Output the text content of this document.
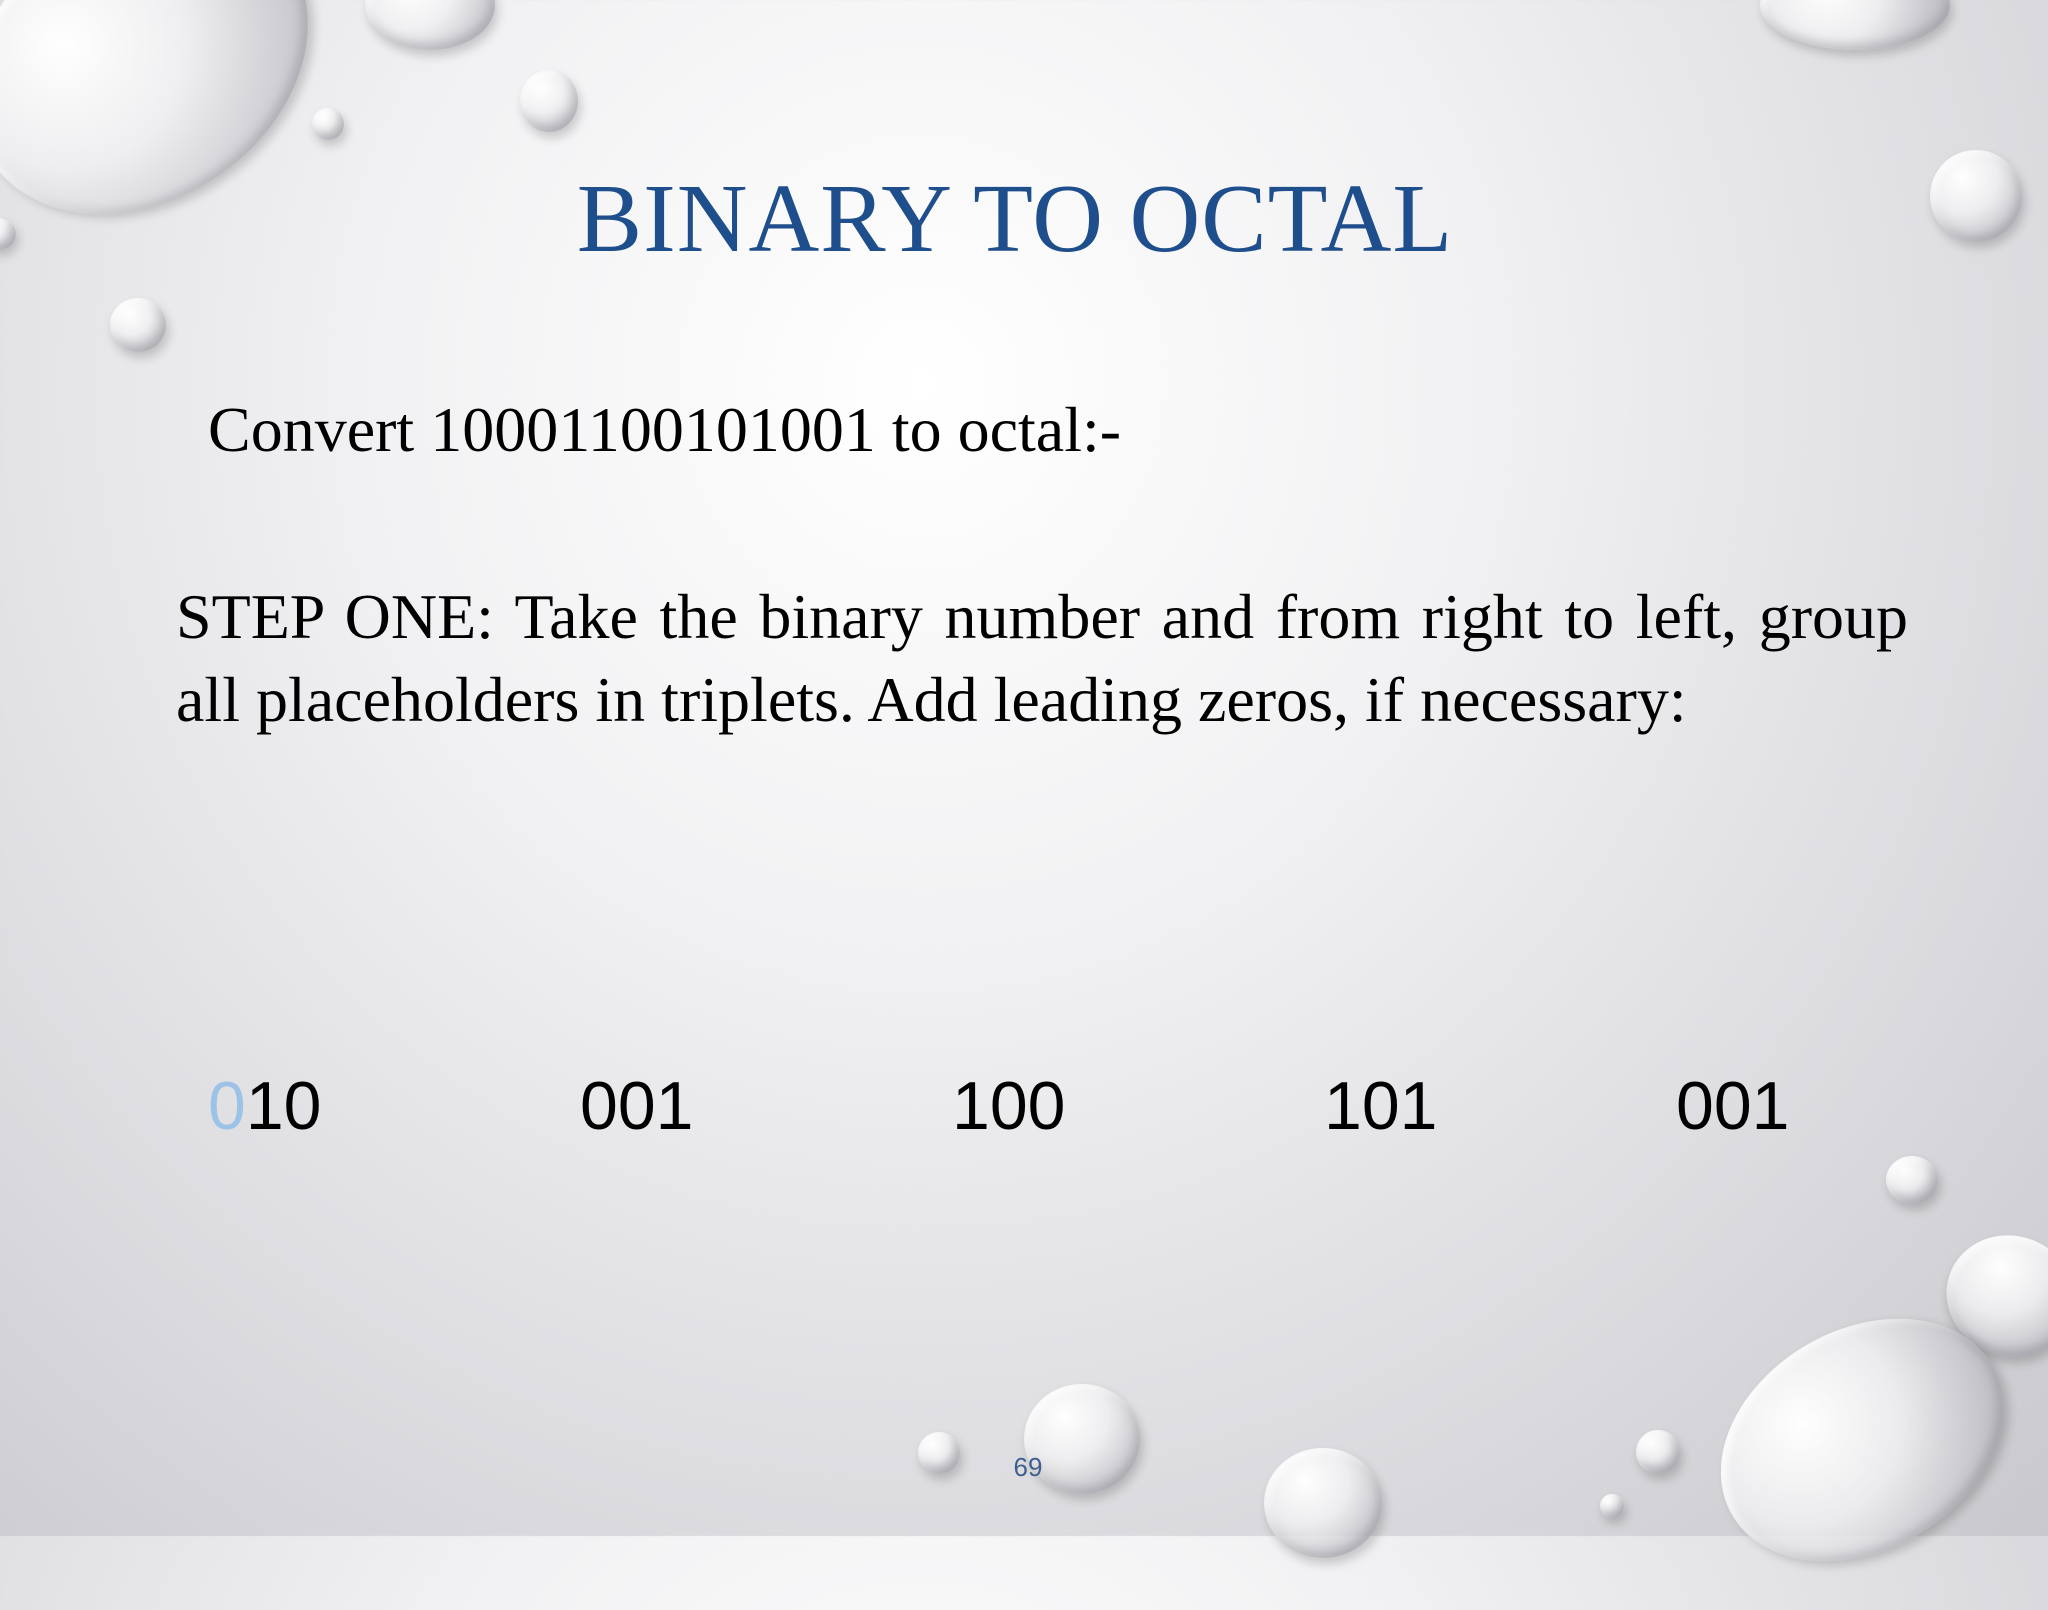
BINARY TO OCTAL
Convert 10001100101001 to octal:-
STEP ONE: Take the binary number and from right to left, group all placeholders in triplets. Add leading zeros, if necessary:
010	001	100	101	001
69
